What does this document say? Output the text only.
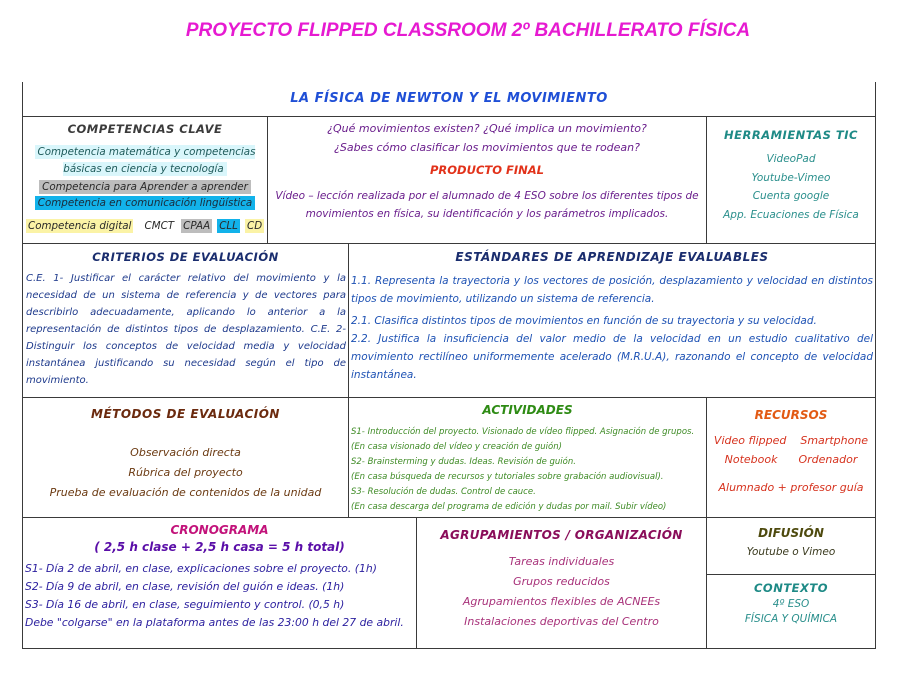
PROYECTO FLIPPED CLASSROOM 2º BACHILLERATO FÍSICA
LA FÍSICA DE NEWTON Y EL MOVIMIENTO
COMPETENCIAS CLAVE
Competencia matemática y competencias básicas en ciencia y tecnología
Competencia para Aprender a aprender
Competencia en comunicación lingüística
Competencia digital CMCT CPAA CLL CD
¿Qué movimientos existen? ¿Qué implica un movimiento?
¿Sabes cómo clasificar los movimientos que te rodean?
PRODUCTO FINAL
Vídeo – lección realizada por el alumnado de 4 ESO sobre los diferentes tipos de movimientos en física, su identificación y los parámetros implicados.
HERRAMIENTAS TIC
VideoPad
Youtube-Vimeo
Cuenta google
App. Ecuaciones de Física
CRITERIOS DE EVALUACIÓN
C.E. 1- Justificar el carácter relativo del movimiento y la necesidad de un sistema de referencia y de vectores para describirlo adecuadamente, aplicando lo anterior a la representación de distintos tipos de desplazamiento. C.E. 2- Distinguir los conceptos de velocidad media y velocidad instantánea justificando su necesidad según el tipo de movimiento.
ESTÁNDARES DE APRENDIZAJE EVALUABLES

1.1. Representa la trayectoria y los vectores de posición, desplazamiento y velocidad en distintos tipos de movimiento, utilizando un sistema de referencia.

2.1. Clasifica distintos tipos de movimientos en función de su trayectoria y su velocidad.

2.2. Justifica la insuficiencia del valor medio de la velocidad en un estudio cualitativo del movimiento rectilíneo uniformemente acelerado (M.R.U.A), razonando el concepto de velocidad instantánea.

MÉTODOS DE EVALUACIÓN
Observación directa
Rúbrica del proyecto
Prueba de evaluación de contenidos de la unidad
ACTIVIDADES
S1- Introducción del proyecto. Visionado de vídeo flipped. Asignación de grupos.
(En casa visionado del vídeo y creación de guión)
S2- Brainsterming y dudas. Ideas. Revisión de guión.
(En casa búsqueda de recursos y tutoriales sobre grabación audiovisual).
S3- Resolución de dudas. Control de cauce.
(En casa descarga del programa de edición y dudas por mail. Subir vídeo)
RECURSOS
Video flipped Smartphone
Notebook Ordenador
Alumnado + profesor guía
CRONOGRAMA
( 2,5 h clase + 2,5 h casa = 5 h total)
S1- Día 2 de abril, en clase, explicaciones sobre el proyecto. (1h)
S2- Día 9 de abril, en clase, revisión del guión e ideas. (1h)
S3- Día 16 de abril, en clase, seguimiento y control. (0,5 h)
Debe "colgarse" en la plataforma antes de las 23:00 h del 27 de abril.
AGRUPAMIENTOS / ORGANIZACIÓN
Tareas individuales
Grupos reducidos
Agrupamientos flexibles de ACNEEs
Instalaciones deportivas del Centro
DIFUSIÓN
Youtube o Vimeo
CONTEXTO
4º ESO
FÍSICA Y QUÍMICA
